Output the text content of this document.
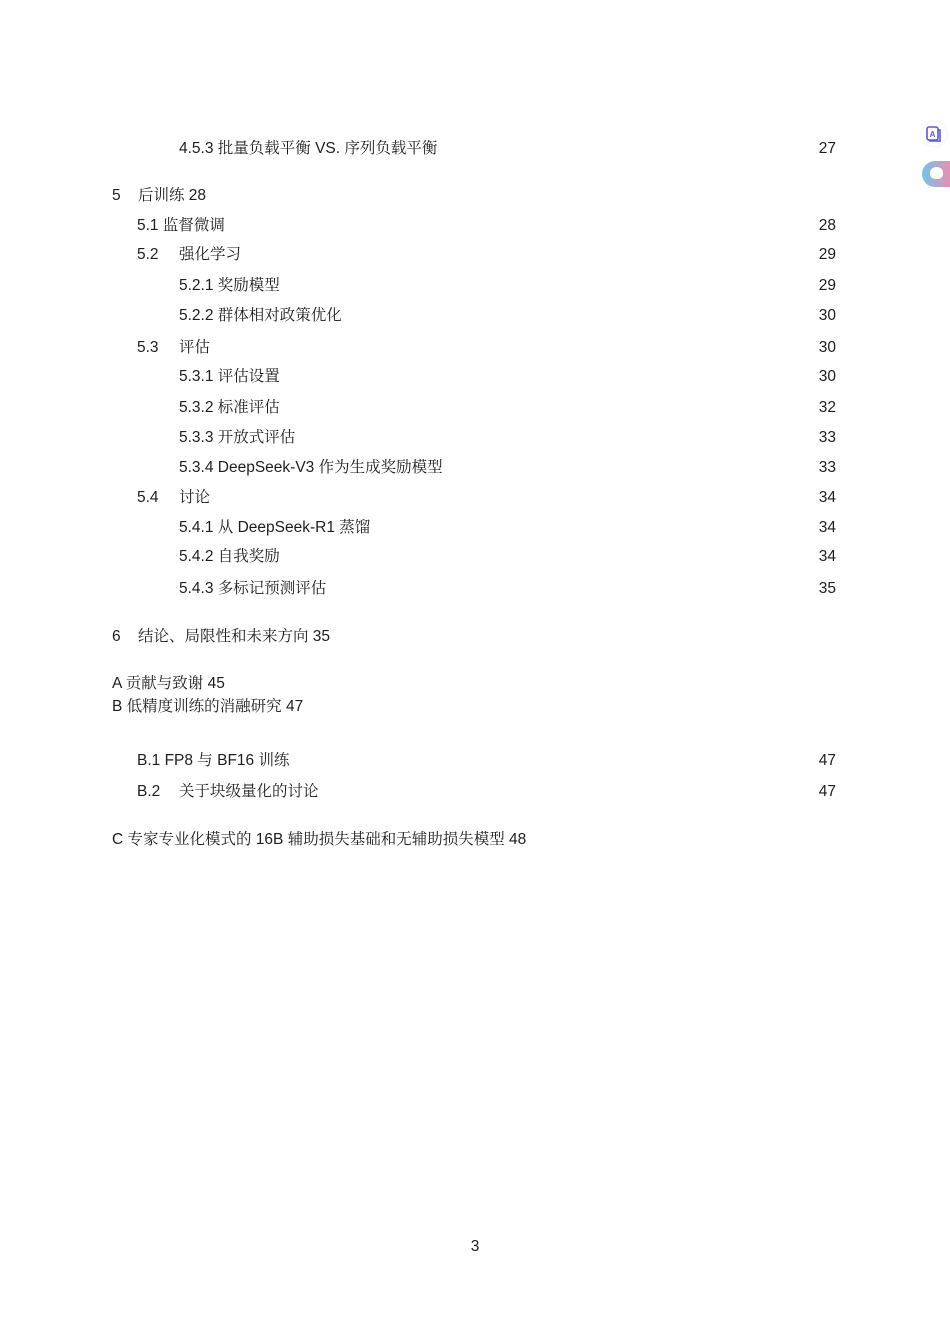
4.5.3 批量负载平衡 VS. 序列负载平衡	27
5 后训练 28
5.1 监督微调	28
5.2 强化学习	29
5.2.1 奖励模型	29
5.2.2 群体相对政策优化	30
5.3 评估	30
5.3.1 评估设置	30
5.3.2 标准评估	32
5.3.3 开放式评估	33
5.3.4 DeepSeek-V3 作为生成奖励模型	33
5.4 讨论	34
5.4.1 从 DeepSeek-R1 蒸馏	34
5.4.2 自我奖励	34
5.4.3 多标记预测评估	35
6 结论、局限性和未来方向 35
A 贡献与致谢 45
B 低精度训练的消融研究 47
B.1 FP8 与 BF16 训练	47
B.2 关于块级量化的讨论	47
C 专家专业化模式的 16B 辅助损失基础和无辅助损失模型 48
3
A
